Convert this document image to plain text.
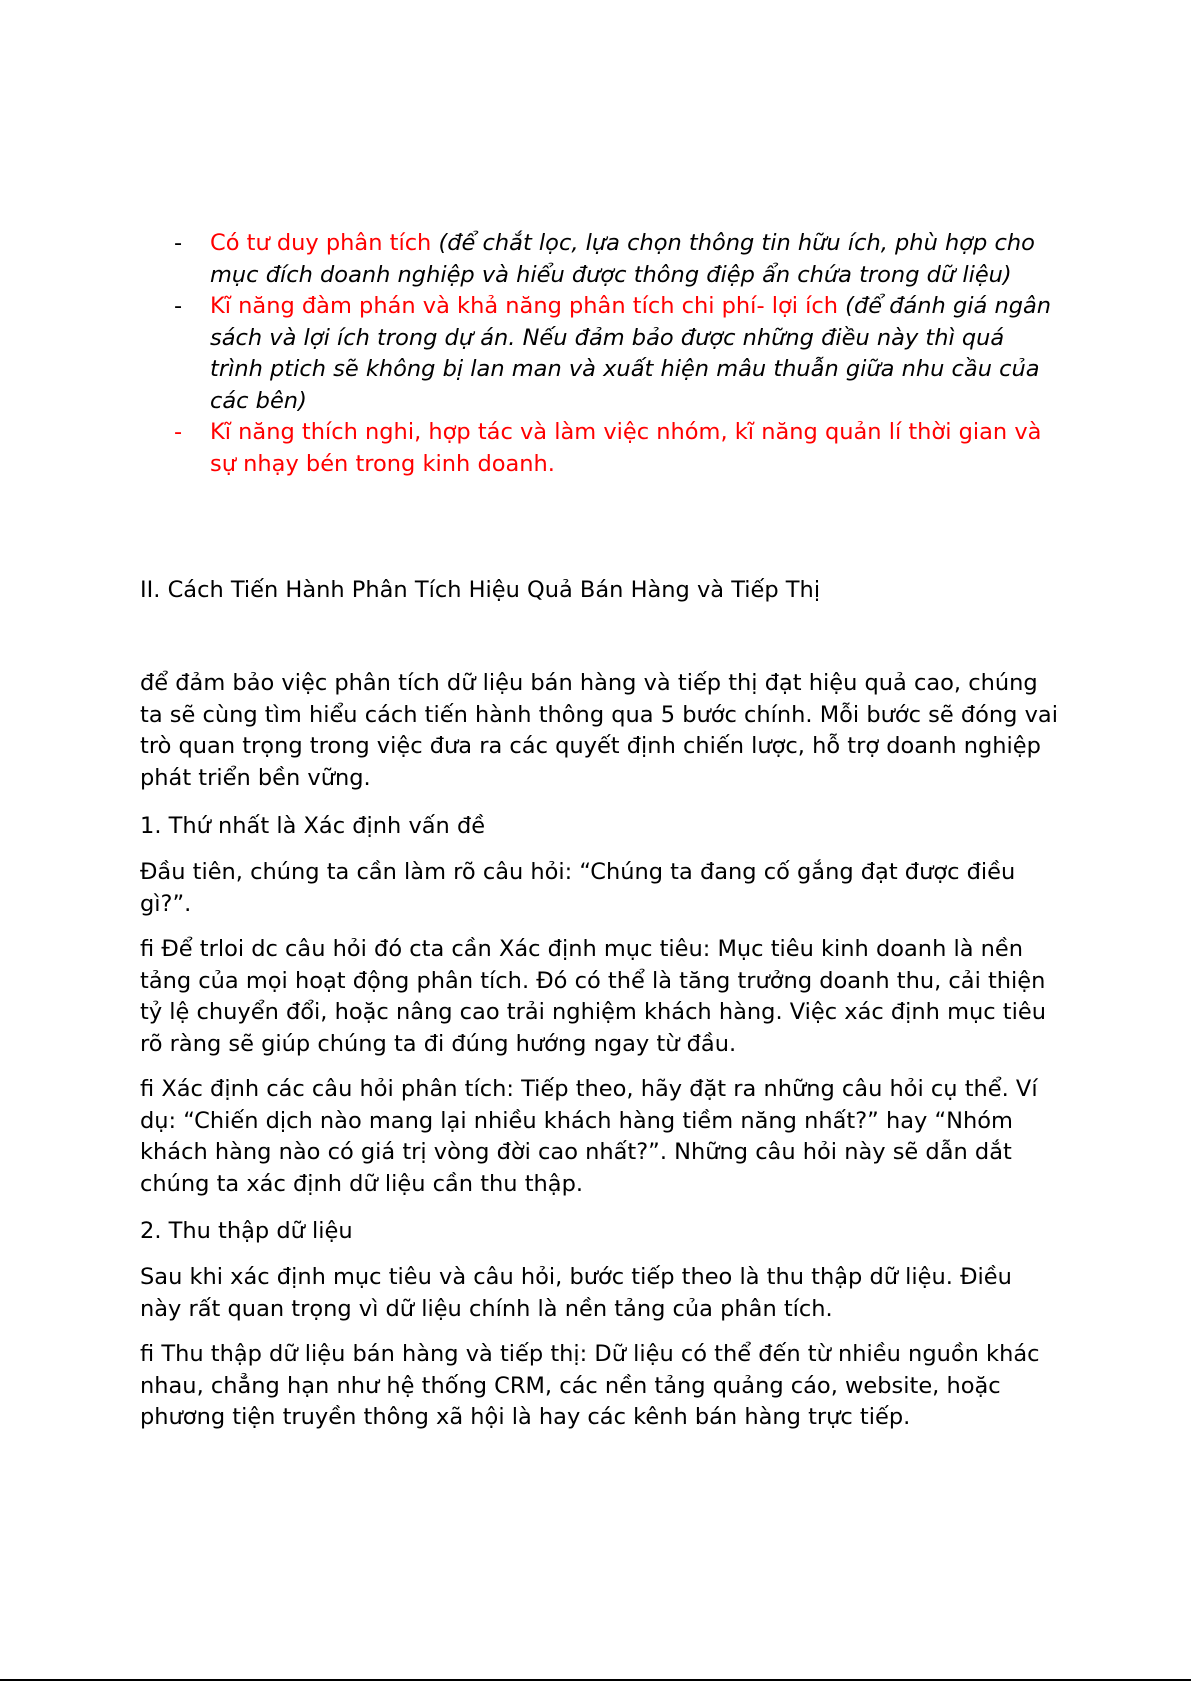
- Có tư duy phân tích (để chắt lọc, lựa chọn thông tin hữu ích, phù hợp cho mục đích doanh nghiệp và hiểu được thông điệp ẩn chứa trong dữ liệu)
- Kĩ năng đàm phán và khả năng phân tích chi phí- lợi ích (để đánh giá ngân sách và lợi ích trong dự án. Nếu đảm bảo được những điều này thì quá trình ptich sẽ không bị lan man và xuất hiện mâu thuẫn giữa nhu cầu của các bên)
- Kĩ năng thích nghi, hợp tác và làm việc nhóm, kĩ năng quản lí thời gian và sự nhạy bén trong kinh doanh.

II. Cách Tiến Hành Phân Tích Hiệu Quả Bán Hàng và Tiếp Thị

để đảm bảo việc phân tích dữ liệu bán hàng và tiếp thị đạt hiệu quả cao, chúng ta sẽ cùng tìm hiểu cách tiến hành thông qua 5 bước chính. Mỗi bước sẽ đóng vai trò quan trọng trong việc đưa ra các quyết định chiến lược, hỗ trợ doanh nghiệp phát triển bền vững.

1. Thứ nhất là Xác định vấn đề

Đầu tiên, chúng ta cần làm rõ câu hỏi: “Chúng ta đang cố gắng đạt được điều gì?”.

fi Để trloi dc câu hỏi đó cta cần Xác định mục tiêu: Mục tiêu kinh doanh là nền tảng của mọi hoạt động phân tích. Đó có thể là tăng trưởng doanh thu, cải thiện tỷ lệ chuyển đổi, hoặc nâng cao trải nghiệm khách hàng. Việc xác định mục tiêu rõ ràng sẽ giúp chúng ta đi đúng hướng ngay từ đầu.

fi Xác định các câu hỏi phân tích: Tiếp theo, hãy đặt ra những câu hỏi cụ thể. Ví dụ: “Chiến dịch nào mang lại nhiều khách hàng tiềm năng nhất?” hay “Nhóm khách hàng nào có giá trị vòng đời cao nhất?”. Những câu hỏi này sẽ dẫn dắt chúng ta xác định dữ liệu cần thu thập.

2. Thu thập dữ liệu

Sau khi xác định mục tiêu và câu hỏi, bước tiếp theo là thu thập dữ liệu. Điều này rất quan trọng vì dữ liệu chính là nền tảng của phân tích.

fi Thu thập dữ liệu bán hàng và tiếp thị: Dữ liệu có thể đến từ nhiều nguồn khác nhau, chẳng hạn như hệ thống CRM, các nền tảng quảng cáo, website, hoặc phương tiện truyền thông xã hội là hay các kênh bán hàng trực tiếp.
